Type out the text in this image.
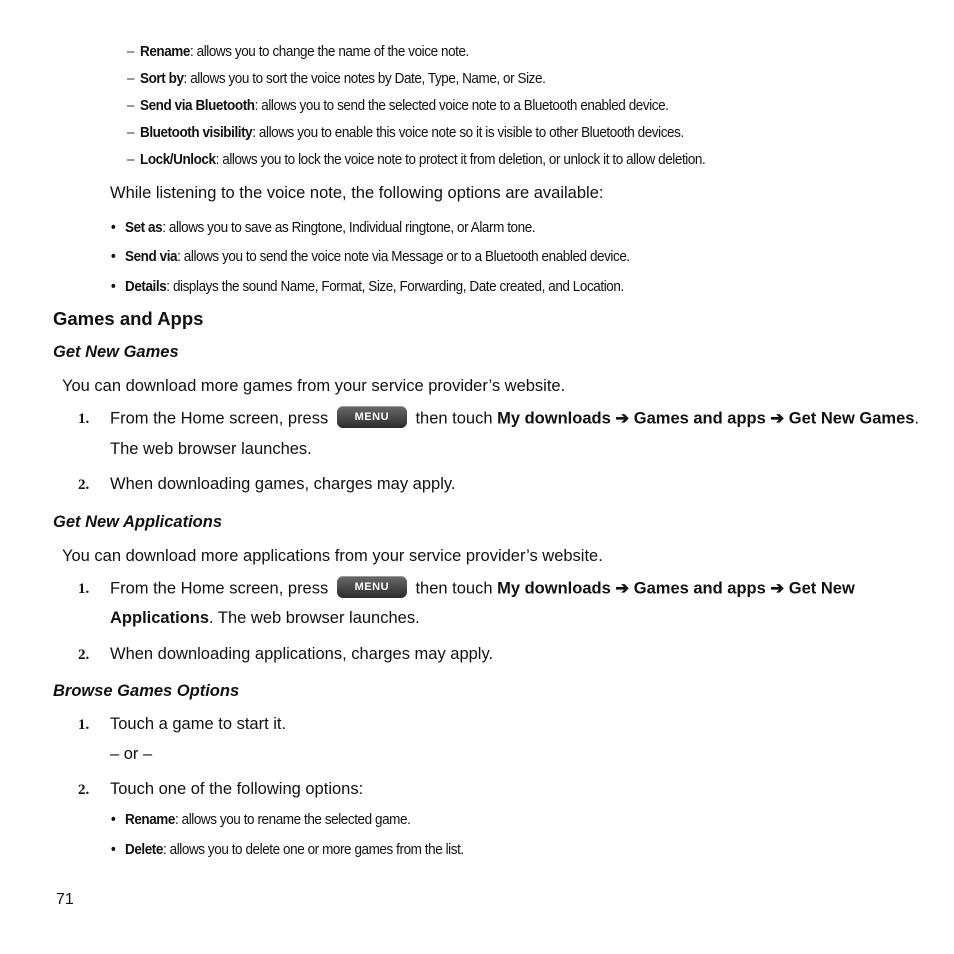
– Rename: allows you to change the name of the voice note.
– Sort by: allows you to sort the voice notes by Date, Type, Name, or Size.
– Send via Bluetooth: allows you to send the selected voice note to a Bluetooth enabled device.
– Bluetooth visibility: allows you to enable this voice note so it is visible to other Bluetooth devices.
– Lock/Unlock: allows you to lock the voice note to protect it from deletion, or unlock it to allow deletion.
While listening to the voice note, the following options are available:
• Set as: allows you to save as Ringtone, Individual ringtone, or Alarm tone.
• Send via: allows you to send the voice note via Message or to a Bluetooth enabled device.
• Details: displays the sound Name, Format, Size, Forwarding, Date created, and Location.
Games and Apps
Get New Games
You can download more games from your service provider’s website.
1. From the Home screen, press MENU then touch My downloads ➔ Games and apps ➔ Get New Games.
The web browser launches.
2. When downloading games, charges may apply.
Get New Applications
You can download more applications from your service provider’s website.
1. From the Home screen, press MENU then touch My downloads ➔ Games and apps ➔ Get New
Applications. The web browser launches.
2. When downloading applications, charges may apply.
Browse Games Options
1. Touch a game to start it.
– or –
2. Touch one of the following options:
• Rename: allows you to rename the selected game.
• Delete: allows you to delete one or more games from the list.
71
